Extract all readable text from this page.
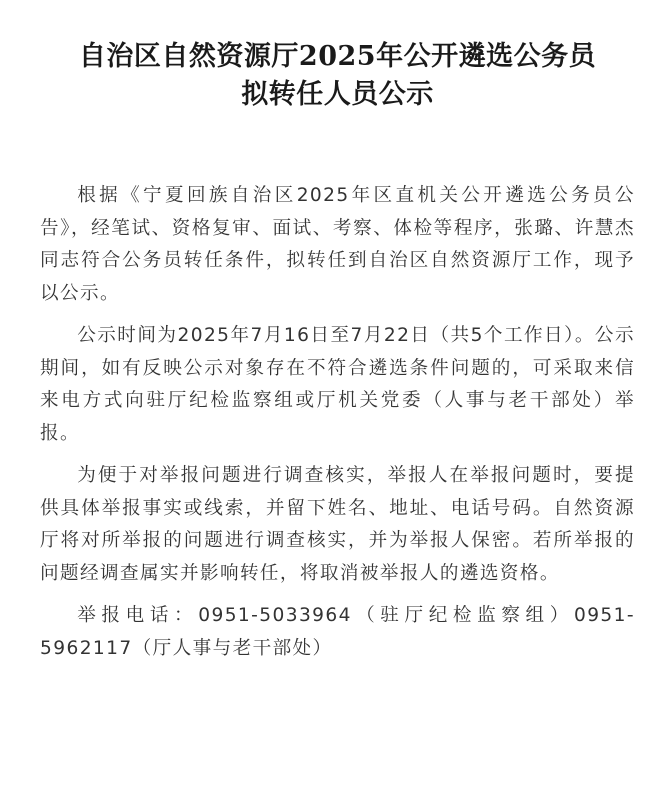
自治区自然资源厅2025年公开遴选公务员
拟转任人员公示

根据《宁夏回族自治区2025年区直机关公开遴选公务员公告》，经笔试、资格复审、面试、考察、体检等程序，张璐、许慧杰同志符合公务员转任条件，拟转任到自治区自然资源厅工作，现予以公示。

公示时间为2025年7月16日至7月22日（共5个工作日）。公示期间，如有反映公示对象存在不符合遴选条件问题的，可采取来信来电方式向驻厅纪检监察组或厅机关党委（人事与老干部处）举报。

为便于对举报问题进行调查核实，举报人在举报问题时，要提供具体举报事实或线索，并留下姓名、地址、电话号码。自然资源厅将对所举报的问题进行调查核实，并为举报人保密。若所举报的问题经调查属实并影响转任，将取消被举报人的遴选资格。

举报电话：0951-5033964（驻厅纪检监察组）0951-5962117（厅人事与老干部处）
